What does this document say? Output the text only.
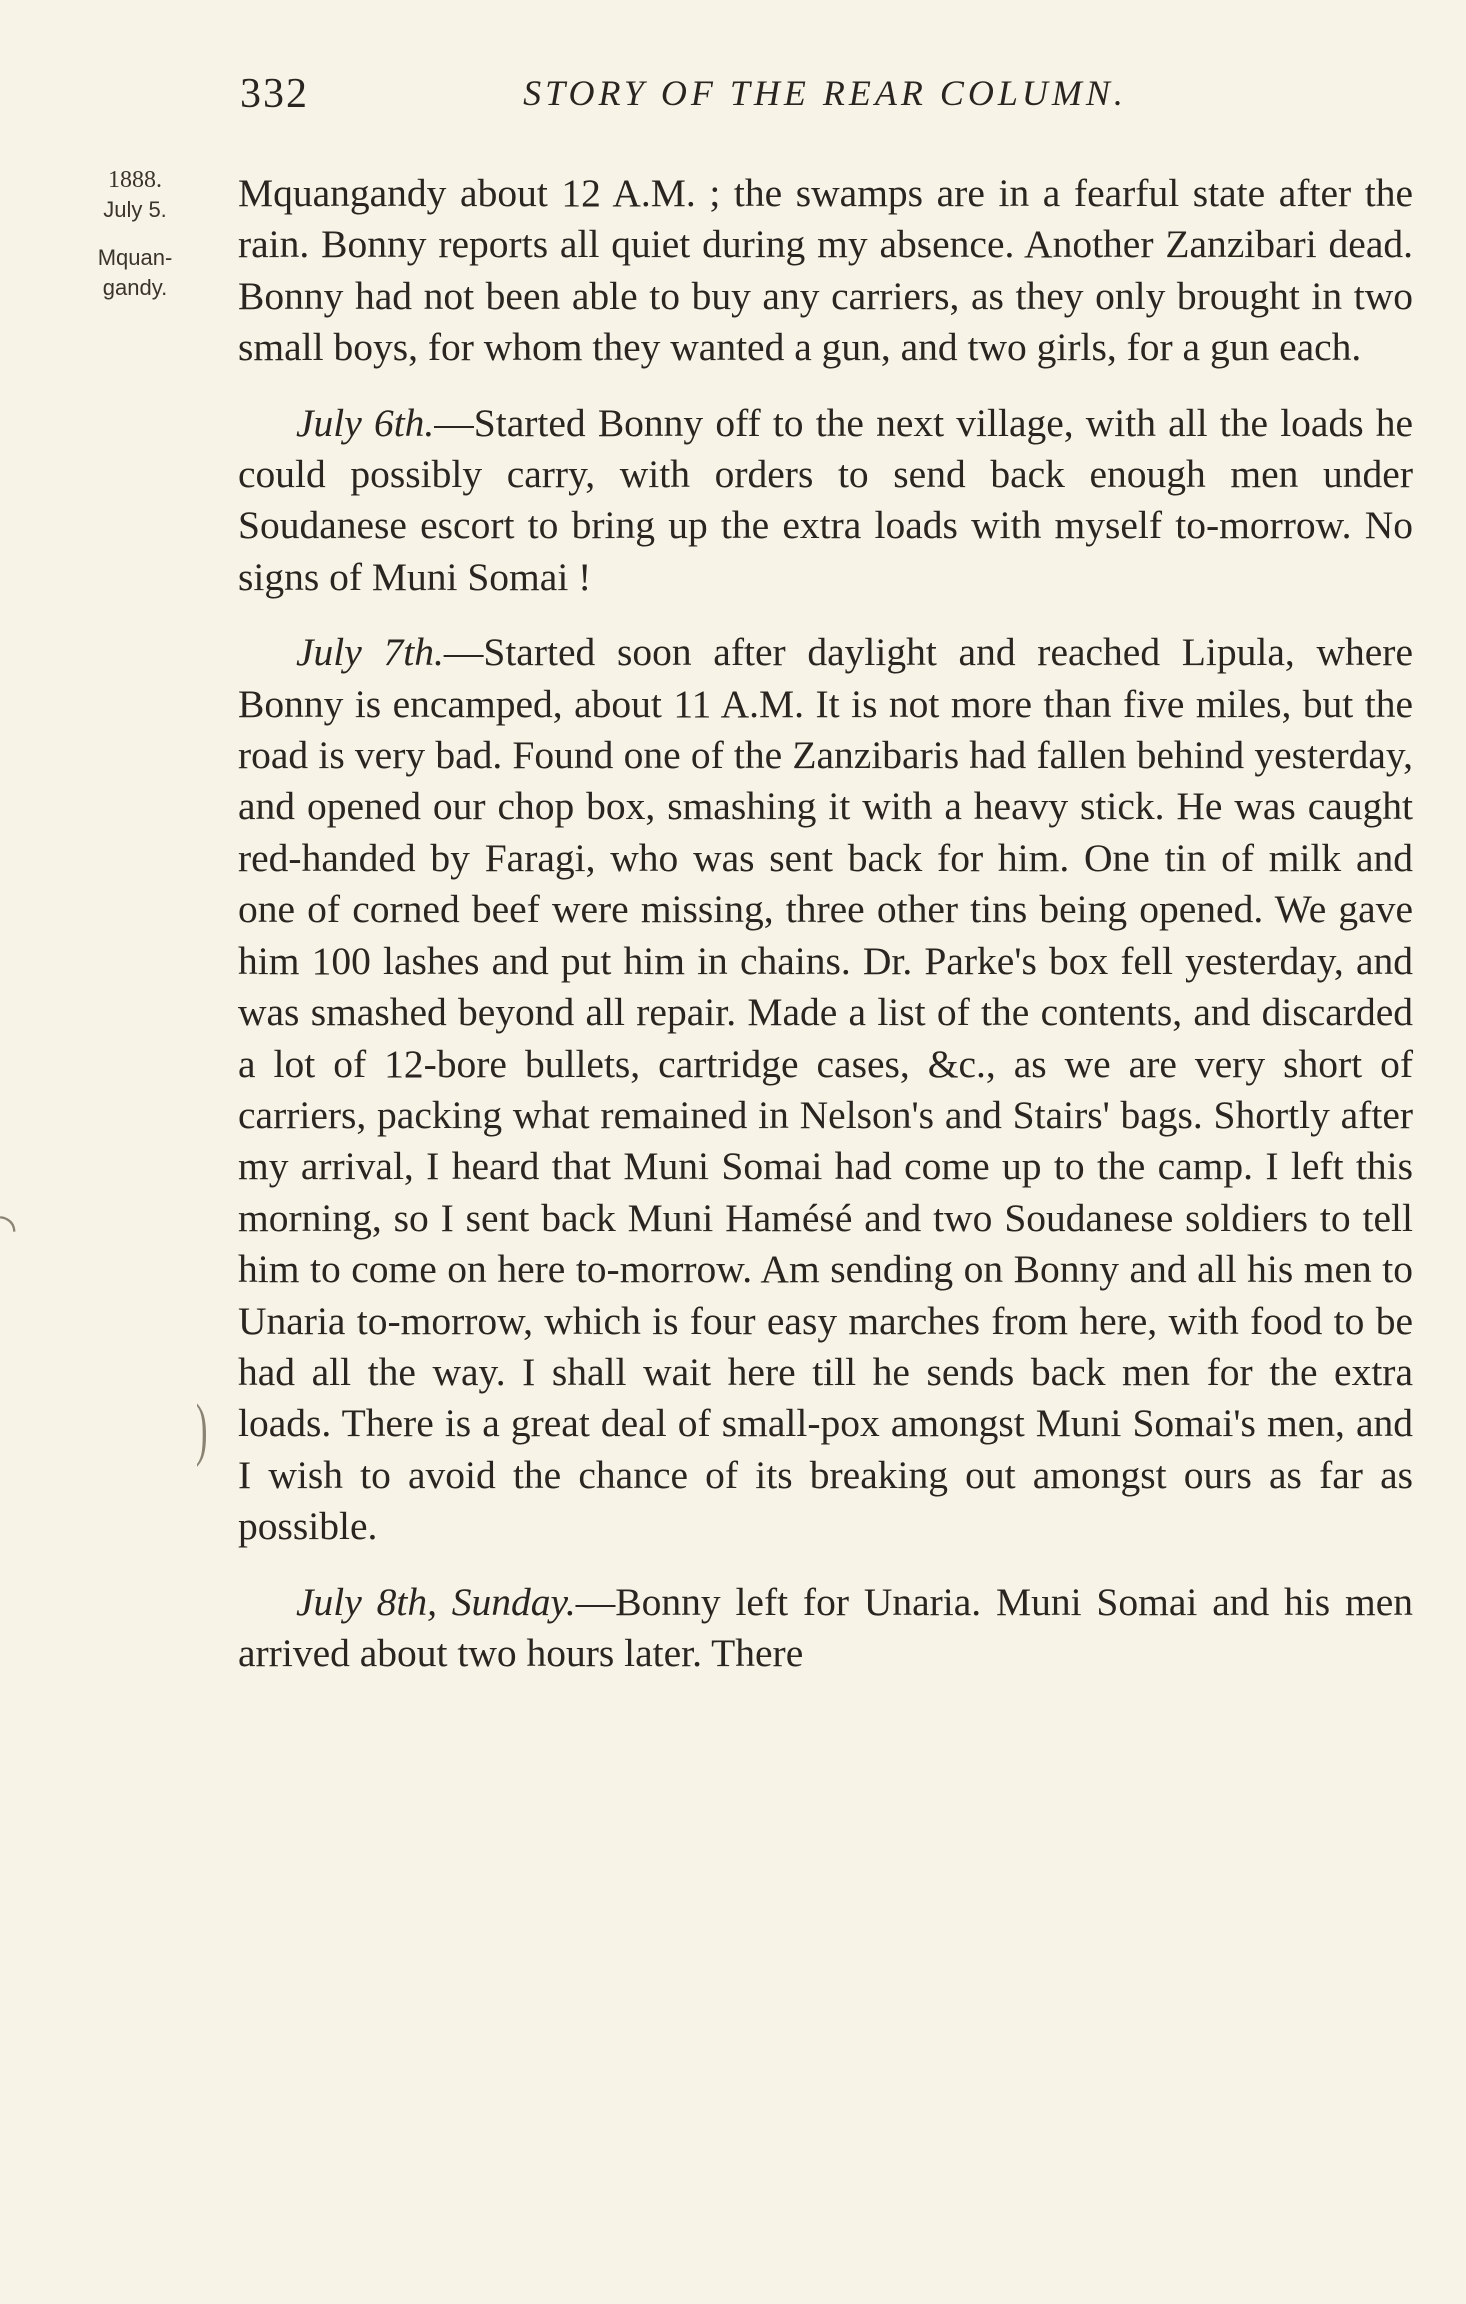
332	STORY OF THE REAR COLUMN.
1888.
July 5.
Mquan-
gandy.

Mquangandy about 12 A.M. ; the swamps are in a fearful state after the rain. Bonny reports all quiet during my absence. Another Zanzibari dead. Bonny had not been able to buy any carriers, as they only brought in two small boys, for whom they wanted a gun, and two girls, for a gun each.

July 6th.—Started Bonny off to the next village, with all the loads he could possibly carry, with orders to send back enough men under Soudanese escort to bring up the extra loads with myself to-morrow. No signs of Muni Somai !

July 7th.—Started soon after daylight and reached Lipula, where Bonny is encamped, about 11 A.M. It is not more than five miles, but the road is very bad. Found one of the Zanzibaris had fallen behind yesterday, and opened our chop box, smashing it with a heavy stick. He was caught red-handed by Faragi, who was sent back for him. One tin of milk and one of corned beef were missing, three other tins being opened. We gave him 100 lashes and put him in chains. Dr. Parke's box fell yesterday, and was smashed beyond all repair. Made a list of the contents, and discarded a lot of 12-bore bullets, cartridge cases, &c., as we are very short of carriers, packing what remained in Nelson's and Stairs' bags. Shortly after my arrival, I heard that Muni Somai had come up to the camp. I left this morning, so I sent back Muni Hamésé and two Soudanese soldiers to tell him to come on here to-morrow. Am sending on Bonny and all his men to Unaria to-morrow, which is four easy marches from here, with food to be had all the way. I shall wait here till he sends back men for the extra loads. There is a great deal of small-pox amongst Muni Somai's men, and I wish to avoid the chance of its breaking out amongst ours as far as possible.

July 8th, Sunday.—Bonny left for Unaria. Muni Somai and his men arrived about two hours later. There

◝
)
